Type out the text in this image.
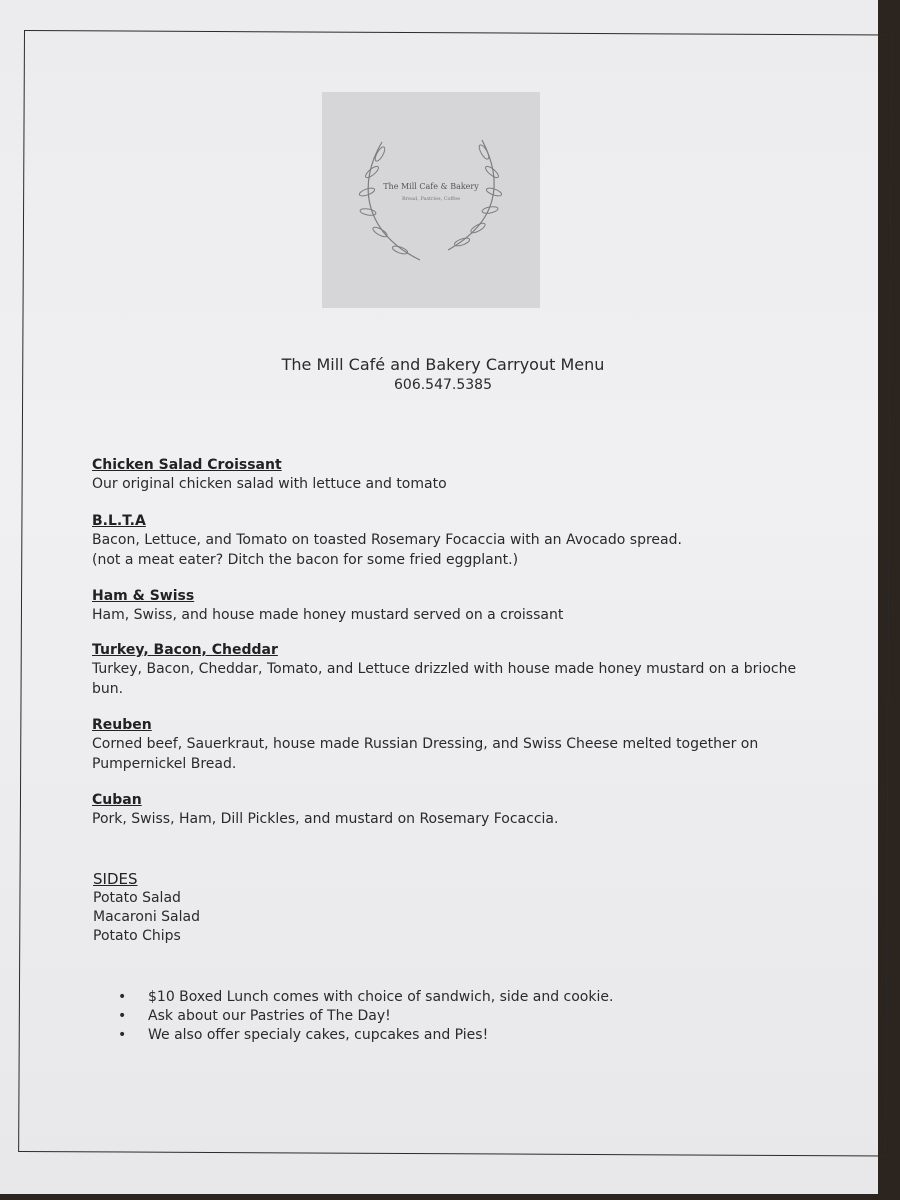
The Mill Cafe & Bakery
Bread, Pastries, Coffee
The Mill Café and Bakery Carryout Menu
606.547.5385
Chicken Salad Croissant
Our original chicken salad with lettuce and tomato
B.L.T.A
Bacon, Lettuce, and Tomato on toasted Rosemary Focaccia with an Avocado spread.
(not a meat eater? Ditch the bacon for some fried eggplant.)
Ham & Swiss
Ham, Swiss, and house made honey mustard served on a croissant
Turkey, Bacon, Cheddar
Turkey, Bacon, Cheddar, Tomato, and Lettuce drizzled with house made honey mustard on a brioche bun.
Reuben
Corned beef, Sauerkraut, house made Russian Dressing, and Swiss Cheese melted together on Pumpernickel Bread.
Cuban
Pork, Swiss, Ham, Dill Pickles, and mustard on Rosemary Focaccia.
SIDES
Potato Salad
Macaroni Salad
Potato Chips
•	$10 Boxed Lunch comes with choice of sandwich, side and cookie.
•	Ask about our Pastries of The Day!
•	We also offer specialy cakes, cupcakes and Pies!
